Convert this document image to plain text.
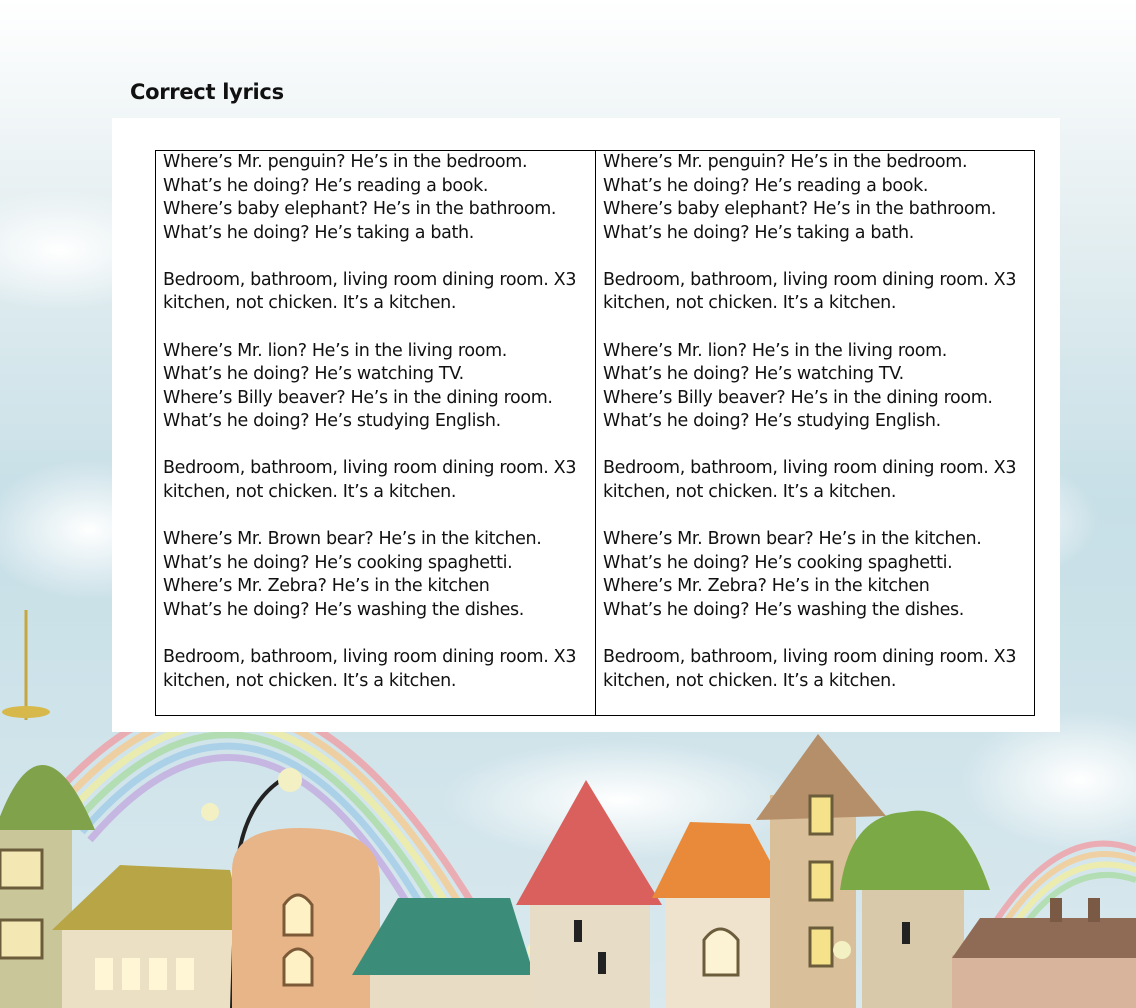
Correct lyrics
Where’s Mr. penguin? He’s in the bedroom.
What’s he doing? He’s reading a book.
Where’s baby elephant? He’s in the bathroom.
What’s he doing? He’s taking a bath.
Bedroom, bathroom, living room dining room. X3
kitchen, not chicken. It’s a kitchen.
Where’s Mr. lion? He’s in the living room.
What’s he doing? He’s watching TV.
Where’s Billy beaver? He’s in the dining room.
What’s he doing? He’s studying English.
Bedroom, bathroom, living room dining room. X3
kitchen, not chicken. It’s a kitchen.
Where’s Mr. Brown bear? He’s in the kitchen.
What’s he doing? He’s cooking spaghetti.
Where’s Mr. Zebra? He’s in the kitchen
What’s he doing? He’s washing the dishes.
Bedroom, bathroom, living room dining room. X3
kitchen, not chicken. It’s a kitchen.
Where’s Mr. penguin? He’s in the bedroom.
What’s he doing? He’s reading a book.
Where’s baby elephant? He’s in the bathroom.
What’s he doing? He’s taking a bath.
Bedroom, bathroom, living room dining room. X3
kitchen, not chicken. It’s a kitchen.
Where’s Mr. lion? He’s in the living room.
What’s he doing? He’s watching TV.
Where’s Billy beaver? He’s in the dining room.
What’s he doing? He’s studying English.
Bedroom, bathroom, living room dining room. X3
kitchen, not chicken. It’s a kitchen.
Where’s Mr. Brown bear? He’s in the kitchen.
What’s he doing? He’s cooking spaghetti.
Where’s Mr. Zebra? He’s in the kitchen
What’s he doing? He’s washing the dishes.
Bedroom, bathroom, living room dining room. X3
kitchen, not chicken. It’s a kitchen.
